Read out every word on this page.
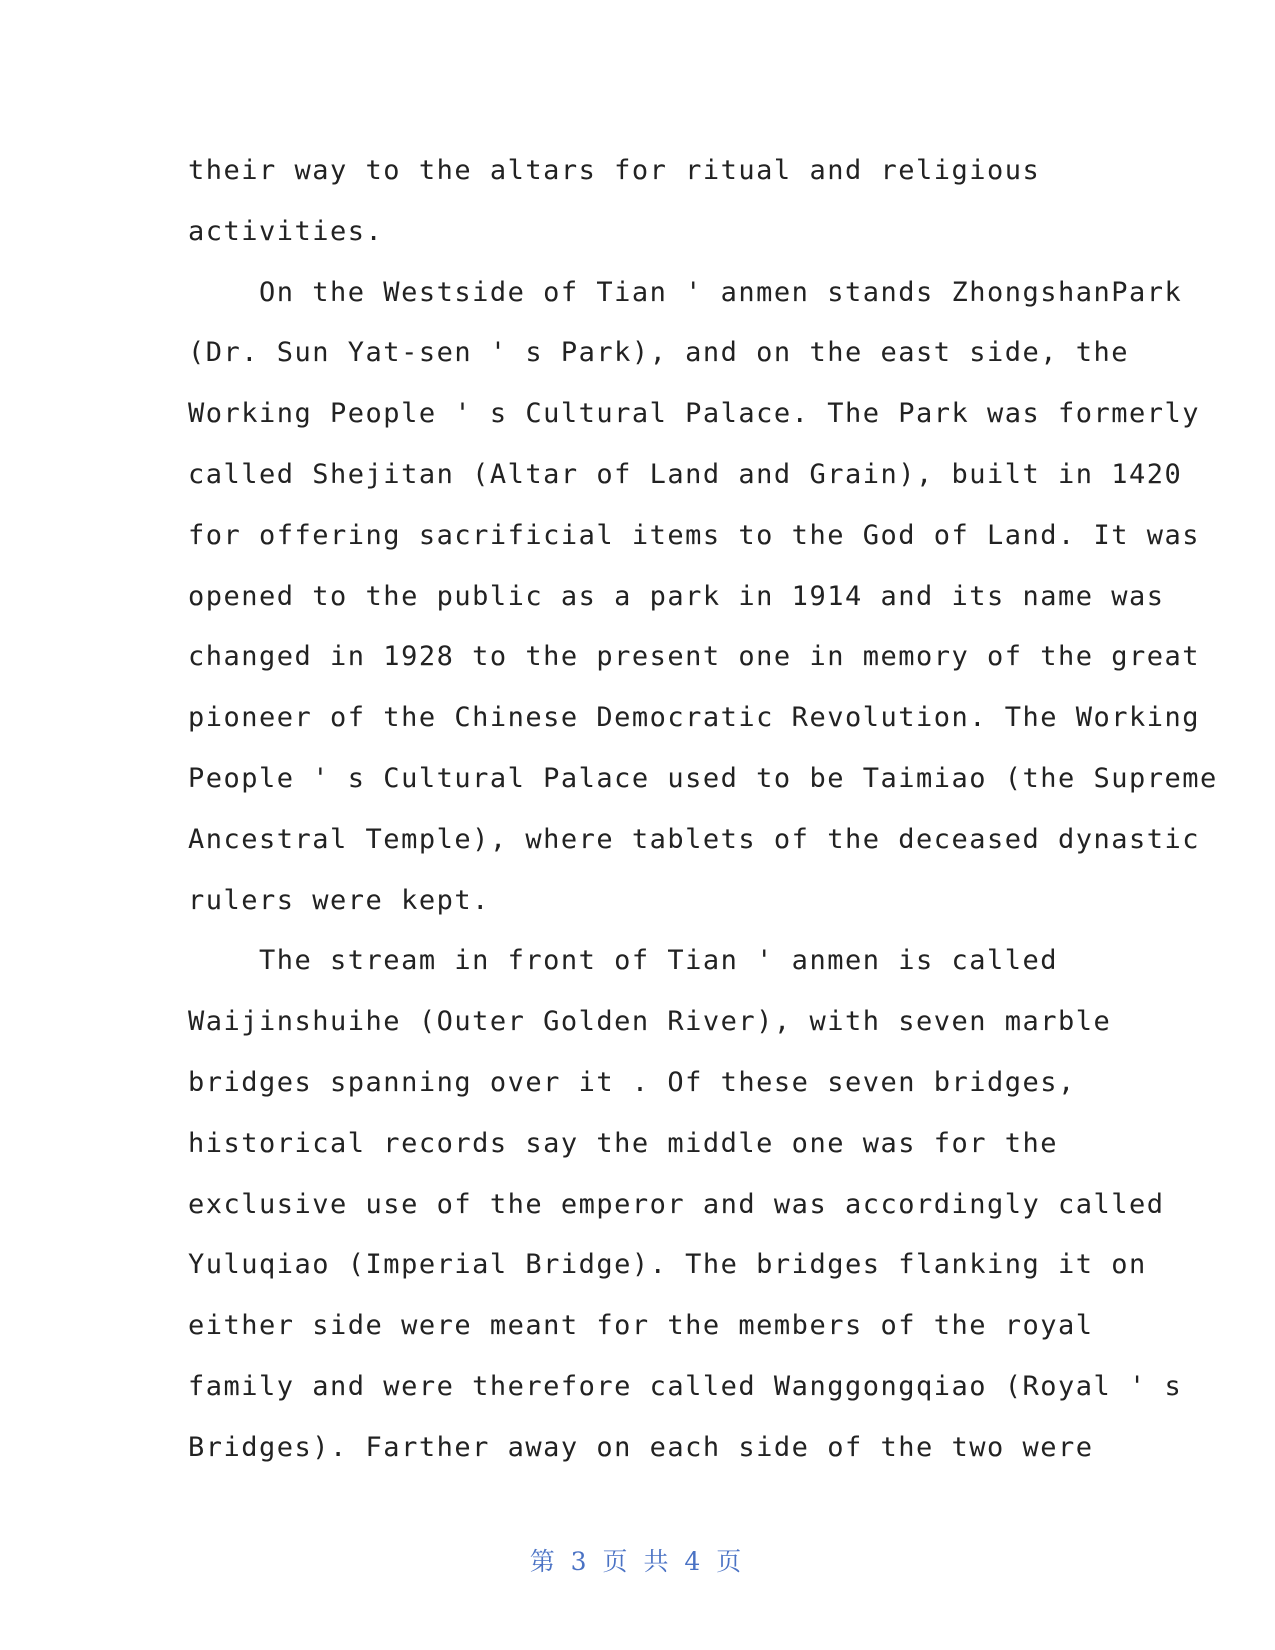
their way to the altars for ritual and religious
activities.
On the Westside of Tian ' anmen stands ZhongshanPark
(Dr. Sun Yat-sen ' s Park), and on the east side, the
Working People ' s Cultural Palace. The Park was formerly
called Shejitan (Altar of Land and Grain), built in 1420
for offering sacrificial items to the God of Land. It was
opened to the public as a park in 1914 and its name was
changed in 1928 to the present one in memory of the great
pioneer of the Chinese Democratic Revolution. The Working
People ' s Cultural Palace used to be Taimiao (the Supreme
Ancestral Temple), where tablets of the deceased dynastic
rulers were kept.
The stream in front of Tian ' anmen is called
Waijinshuihe (Outer Golden River), with seven marble
bridges spanning over it . Of these seven bridges,
historical records say the middle one was for the
exclusive use of the emperor and was accordingly called
Yuluqiao (Imperial Bridge). The bridges flanking it on
either side were meant for the members of the royal
family and were therefore called Wanggongqiao (Royal ' s
Bridges). Farther away on each side of the two were
第 3 页 共 4 页
